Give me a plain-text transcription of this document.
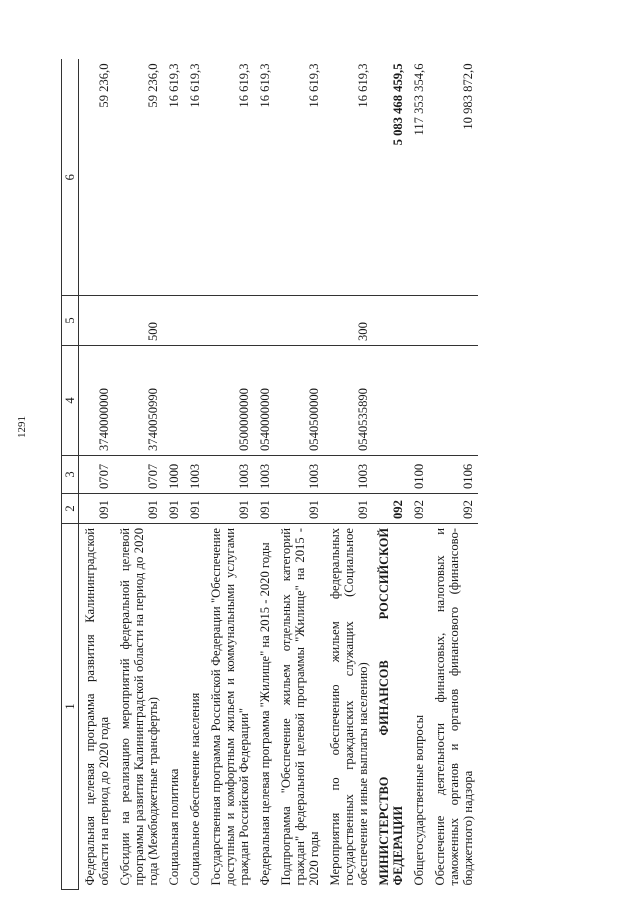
1291
1	2	3	4	5	6
Федеральная целевая программа развития Калининградской области на период до 2020 года	091	0707	3740000000		59 236,0
Субсидии на реализацию мероприятий федеральной целевой программы развития Калининградской области на период до 2020 года (Межбюджетные трансферты)	091	0707	3740050990	500	59 236,0
Социальная политика	091	1000			16 619,3
Социальное обеспечение населения	091	1003			16 619,3
Государственная программа Российской Федерации "Обеспечение доступным и комфортным жильем и коммунальными услугами граждан Российской Федерации"	091	1003	0500000000		16 619,3
Федеральная целевая программа "Жилище" на 2015 - 2020 годы	091	1003	0540000000		16 619,3
Подпрограмма "Обеспечение жильем отдельных категорий граждан" федеральной целевой программы "Жилище" на 2015 - 2020 годы	091	1003	0540500000		16 619,3
Мероприятия по обеспечению жильем федеральных государственных гражданских служащих (Социальное обеспечение и иные выплаты населению)	091	1003	0540535890	300	16 619,3
МИНИСТЕРСТВО ФИНАНСОВ РОССИЙСКОЙ ФЕДЕРАЦИИ	092				5 083 468 459,5
Общегосударственные вопросы	092	0100			117 353 354,6
Обеспечение деятельности финансовых, налоговых и таможенных органов и органов финансового (финансово-бюджетного) надзора	092	0106			10 983 872,0
